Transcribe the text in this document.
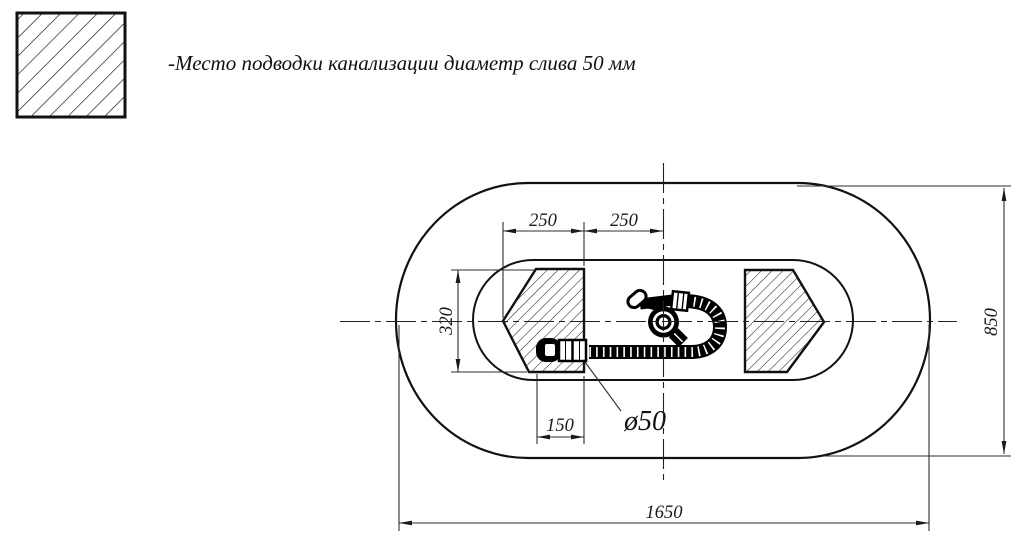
-Место подводки канализации диаметр слива 50 мм
250	250
320
150
850
1650
ø50
